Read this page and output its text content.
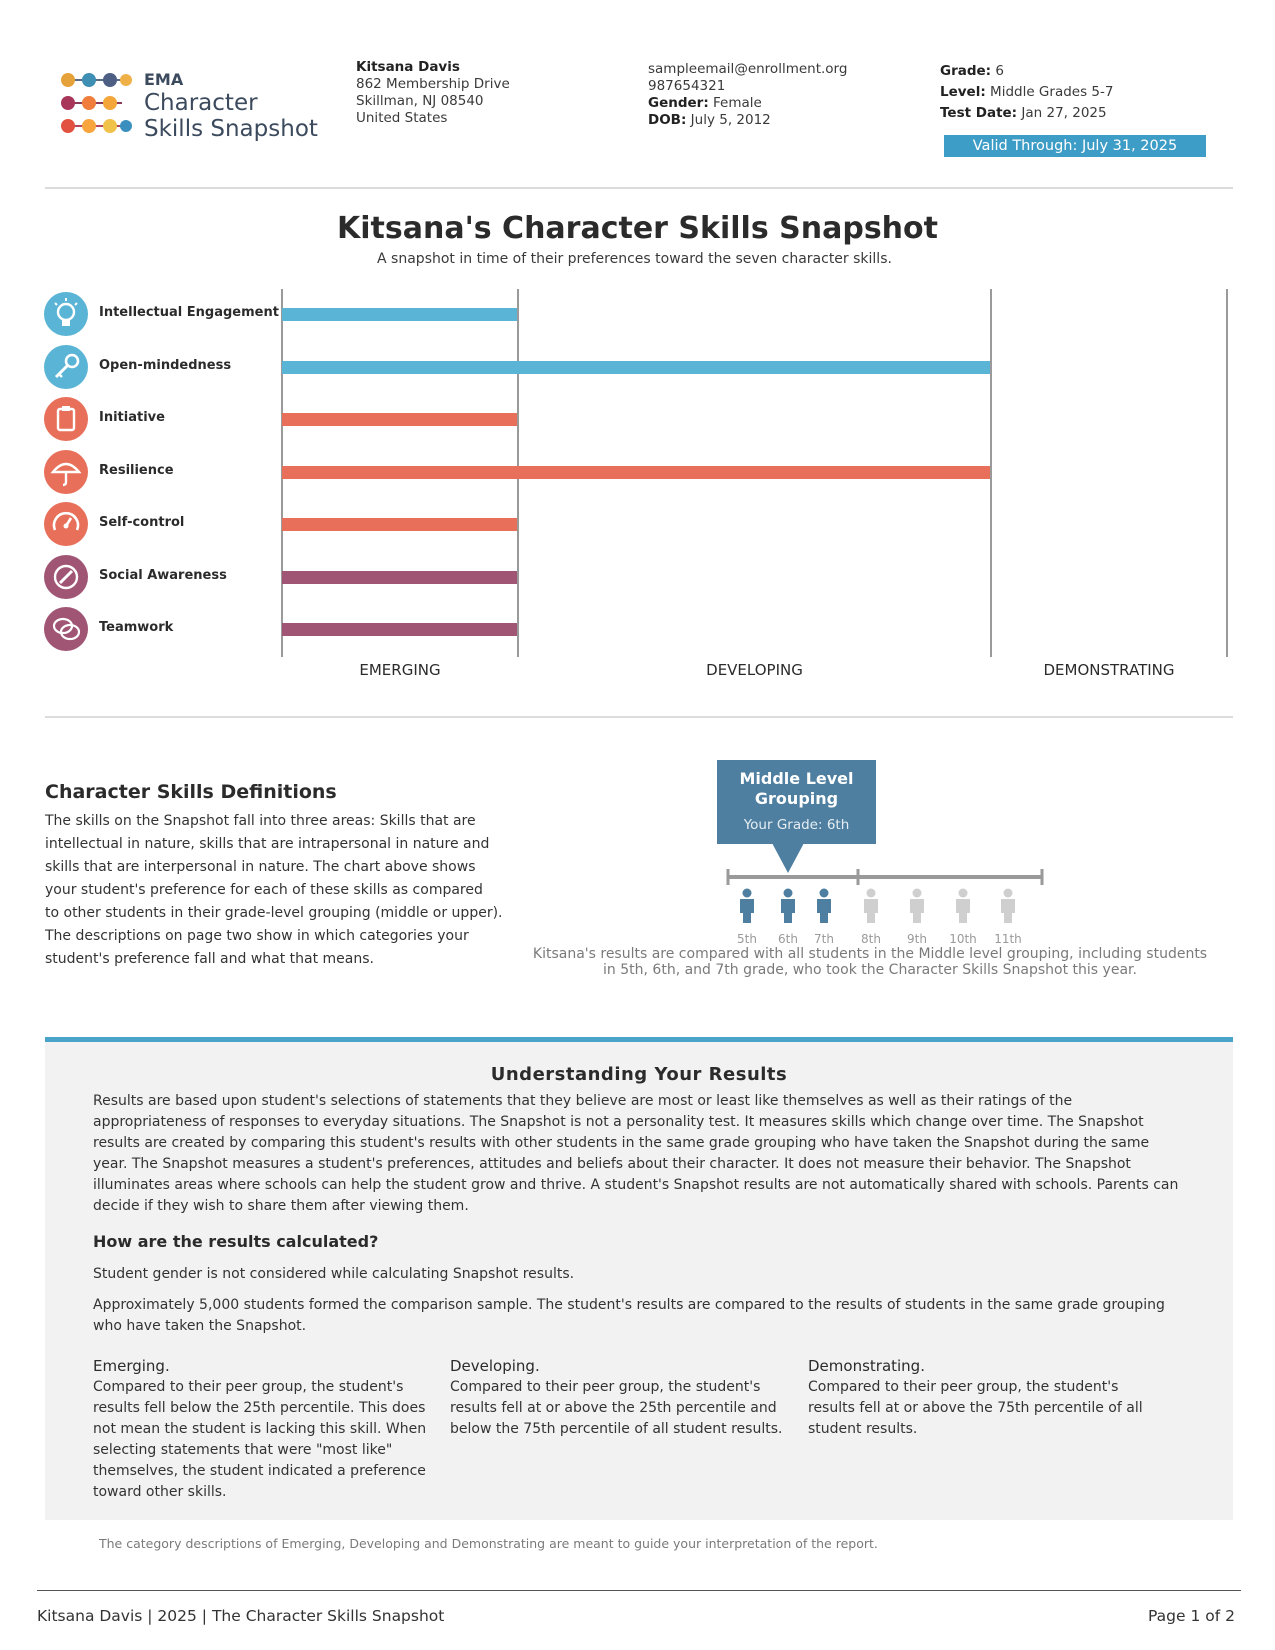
EMA
Character
Skills Snapshot
Kitsana Davis
862 Membership Drive
Skillman, NJ 08540
United States
sampleemail@enrollment.org
987654321
Gender: Female
DOB: July 5, 2012
Grade: 6
Level: Middle Grades 5-7
Test Date: Jan 27, 2025
Valid Through: July 31, 2025
Kitsana's Character Skills Snapshot
A snapshot in time of their preferences toward the seven character skills.
EMERGING	DEVELOPING	DEMONSTRATING
Intellectual Engagement
Open-mindedness
Initiative
Resilience
Self-control
Social Awareness
Teamwork
Character Skills Definitions
The skills on the Snapshot fall into three areas: Skills that are
intellectual in nature, skills that are intrapersonal in nature and
skills that are interpersonal in nature. The chart above shows
your student's preference for each of these skills as compared
to other students in their grade-level grouping (middle or upper).
The descriptions on page two show in which categories your
student's preference fall and what that means.
Middle Level
Grouping
Your Grade: 6th
5th	6th	7th	8th	9th	10th	11th
Kitsana's results are compared with all students in the Middle level grouping, including students
in 5th, 6th, and 7th grade, who took the Character Skills Snapshot this year.
Understanding Your Results
Results are based upon student's selections of statements that they believe are most or least like themselves as well as their ratings of the
appropriateness of responses to everyday situations. The Snapshot is not a personality test. It measures skills which change over time. The Snapshot
results are created by comparing this student's results with other students in the same grade grouping who have taken the Snapshot during the same
year. The Snapshot measures a student's preferences, attitudes and beliefs about their character. It does not measure their behavior. The Snapshot
illuminates areas where schools can help the student grow and thrive. A student's Snapshot results are not automatically shared with schools. Parents can
decide if they wish to share them after viewing them.
How are the results calculated?
Student gender is not considered while calculating Snapshot results.
Approximately 5,000 students formed the comparison sample. The student's results are compared to the results of students in the same grade grouping
who have taken the Snapshot.
Emerging.
Compared to their peer group, the student's
results fell below the 25th percentile. This does
not mean the student is lacking this skill. When
selecting statements that were "most like"
themselves, the student indicated a preference
toward other skills.
Developing.
Compared to their peer group, the student's
results fell at or above the 25th percentile and
below the 75th percentile of all student results.
Demonstrating.
Compared to their peer group, the student's
results fell at or above the 75th percentile of all
student results.
The category descriptions of Emerging, Developing and Demonstrating are meant to guide your interpretation of the report.
Kitsana Davis | 2025 | The Character Skills Snapshot	Page 1 of 2
